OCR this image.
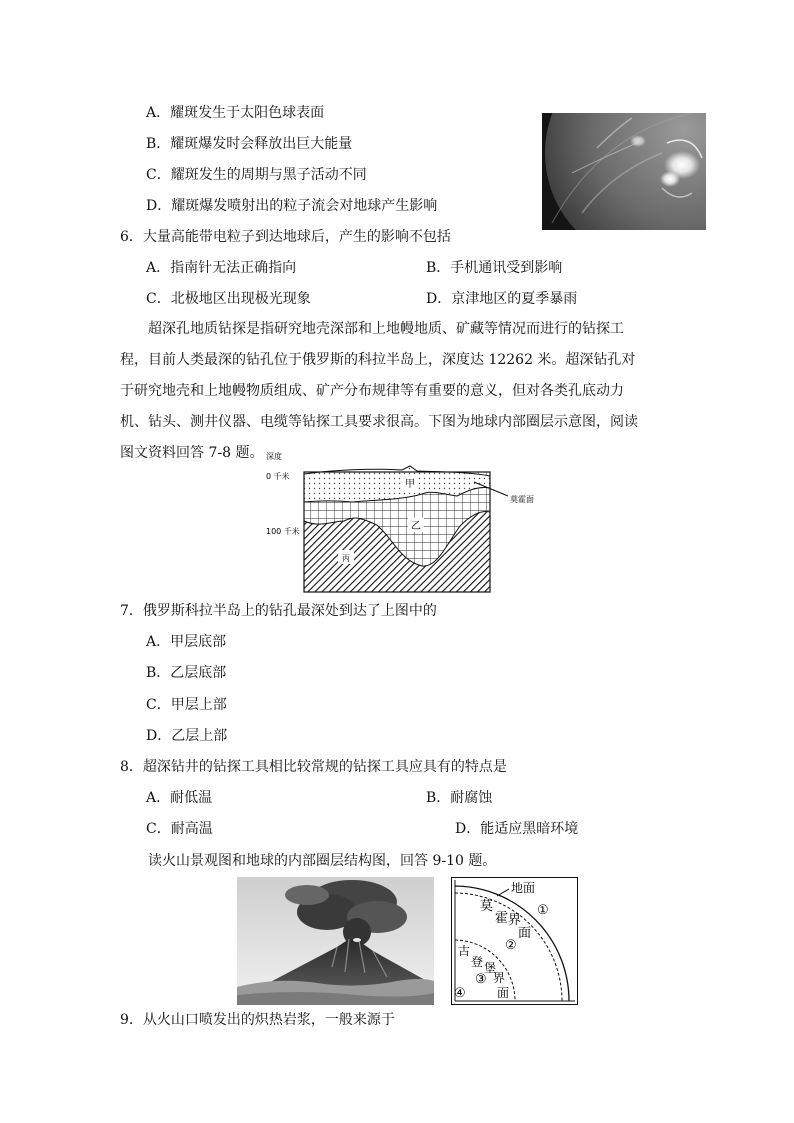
A．耀斑发生于太阳色球表面
B．耀斑爆发时会释放出巨大能量
C．耀斑发生的周期与黑子活动不同
D．耀斑爆发喷射出的粒子流会对地球产生影响
6．大量高能带电粒子到达地球后，产生的影响不包括
A．指南针无法正确指向	B．手机通讯受到影响
C．北极地区出现极光现象	D．京津地区的夏季暴雨
超深孔地质钻探是指研究地壳深部和上地幔地质、矿藏等情况而进行的钻探工程，目前人类最深的钻孔位于俄罗斯的科拉半岛上，深度达 12262 米。超深钻孔对于研究地壳和上地幔物质组成、矿产分布规律等有重要的意义，但对各类孔底动力机、钻头、测井仪器、电缆等钻探工具要求很高。下图为地球内部圈层示意图，阅读图文资料回答 7-8 题。
甲
乙
丙
深度
0 千米
100 千米
莫霍面
7．俄罗斯科拉半岛上的钻孔最深处到达了上图中的
A．甲层底部
B．乙层底部
C．甲层上部
D．乙层上部
8．超深钻井的钻探工具相比较常规的钻探工具应具有的特点是
A．耐低温	B．耐腐蚀
C．耐高温	D．能适应黑暗环境
读火山景观图和地球的内部圈层结构图，回答 9-10 题。
地面
莫
霍 界
面
①
②
古
登 堡
界
面
③
④
9．从火山口喷发出的炽热岩浆，一般来源于
